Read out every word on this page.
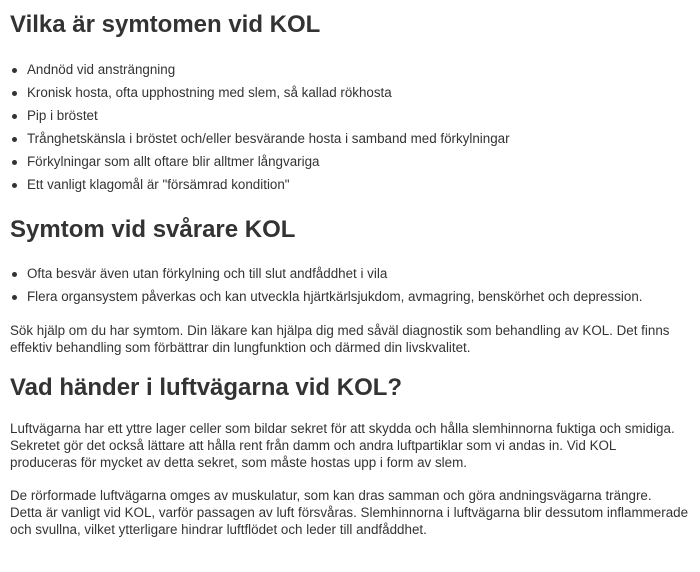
Vilka är symtomen vid KOL
Andnöd vid ansträngning
Kronisk hosta, ofta upphostning med slem, så kallad rökhosta
Pip i bröstet
Trånghetskänsla i bröstet och/eller besvärande hosta i samband med förkylningar
Förkylningar som allt oftare blir alltmer långvariga
Ett vanligt klagomål är "försämrad kondition"
Symtom vid svårare KOL
Ofta besvär även utan förkylning och till slut andfåddhet i vila
Flera organsystem påverkas och kan utveckla hjärtkärlsjukdom, avmagring, benskörhet och depression.

Sök hjälp om du har symtom. Din läkare kan hjälpa dig med såväl diagnostik som behandling av KOL. Det finns
effektiv behandling som förbättrar din lungfunktion och därmed din livskvalitet.

Vad händer i luftvägarna vid KOL?

Luftvägarna har ett yttre lager celler som bildar sekret för att skydda och hålla slemhinnorna fuktiga och smidiga.
Sekretet gör det också lättare att hålla rent från damm och andra luftpartiklar som vi andas in. Vid KOL
produceras för mycket av detta sekret, som måste hostas upp i form av slem.

De rörformade luftvägarna omges av muskulatur, som kan dras samman och göra andningsvägarna trängre.
Detta är vanligt vid KOL, varför passagen av luft försvåras. Slemhinnorna i luftvägarna blir dessutom inflammerade
och svullna, vilket ytterligare hindrar luftflödet och leder till andfåddhet.
